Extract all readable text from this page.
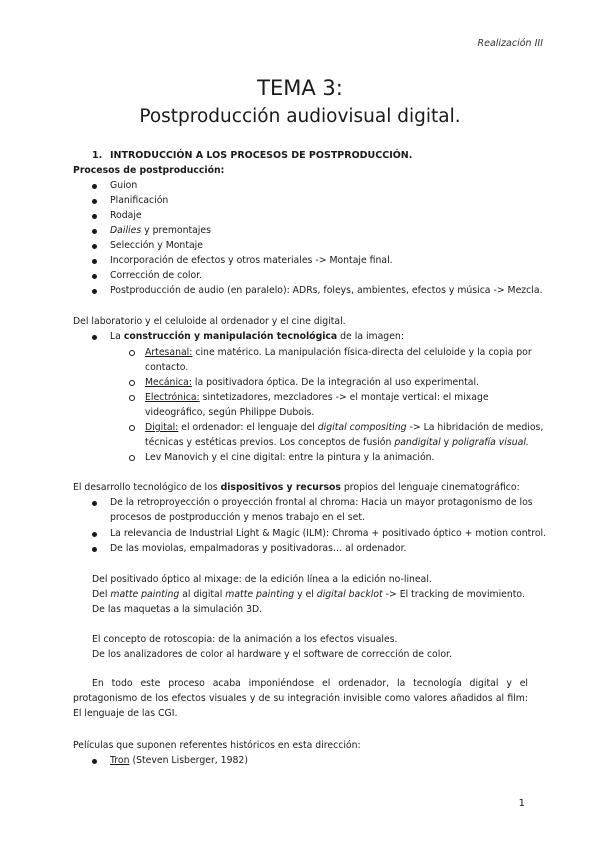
Realización III
TEMA 3:
Postproducción audiovisual digital.
1. INTRODUCCIÓN A LOS PROCESOS DE POSTPRODUCCIÓN.
Procesos de postproducción:
Guion
Planificación
Rodaje
Dailies y premontajes
Selección y Montaje
Incorporación de efectos y otros materiales -> Montaje final.
Corrección de color.
Postproducción de audio (en paralelo): ADRs, foleys, ambientes, efectos y música -> Mezcla.
Del laboratorio y el celuloide al ordenador y el cine digital.
La construcción y manipulación tecnológica de la imagen:
Artesanal: cine matérico. La manipulación física-directa del celuloide y la copia por
contacto.
Mecánica: la positivadora óptica. De la integración al uso experimental.
Electrónica: sintetizadores, mezcladores -> el montaje vertical: el mixage
videográfico, según Philippe Dubois.
Digital: el ordenador: el lenguaje del digital compositing -> La hibridación de medios,
técnicas y estéticas previos. Los conceptos de fusión pandigital y poligrafía visual.
Lev Manovich y el cine digital: entre la pintura y la animación.
El desarrollo tecnológico de los dispositivos y recursos propios del lenguaje cinematográfico:
De la retroproyección o proyección frontal al chroma: Hacia un mayor protagonismo de los
procesos de postproducción y menos trabajo en el set.
La relevancia de Industrial Light & Magic (ILM): Chroma + positivado óptico + motion control.
De las moviolas, empalmadoras y positivadoras… al ordenador.
Del positivado óptico al mixage: de la edición línea a la edición no-lineal.
Del matte painting al digital matte painting y el digital backlot -> El tracking de movimiento.
De las maquetas a la simulación 3D.
El concepto de rotoscopia: de la animación a los efectos visuales.
De los analizadores de color al hardware y el software de corrección de color.
En todo este proceso acaba imponiéndose el ordenador, la tecnología digital y el protagonismo de los efectos visuales y de su integración invisible como valores añadidos al film: El lenguaje de las CGI.
Películas que suponen referentes históricos en esta dirección:
Tron (Steven Lisberger, 1982)
1
